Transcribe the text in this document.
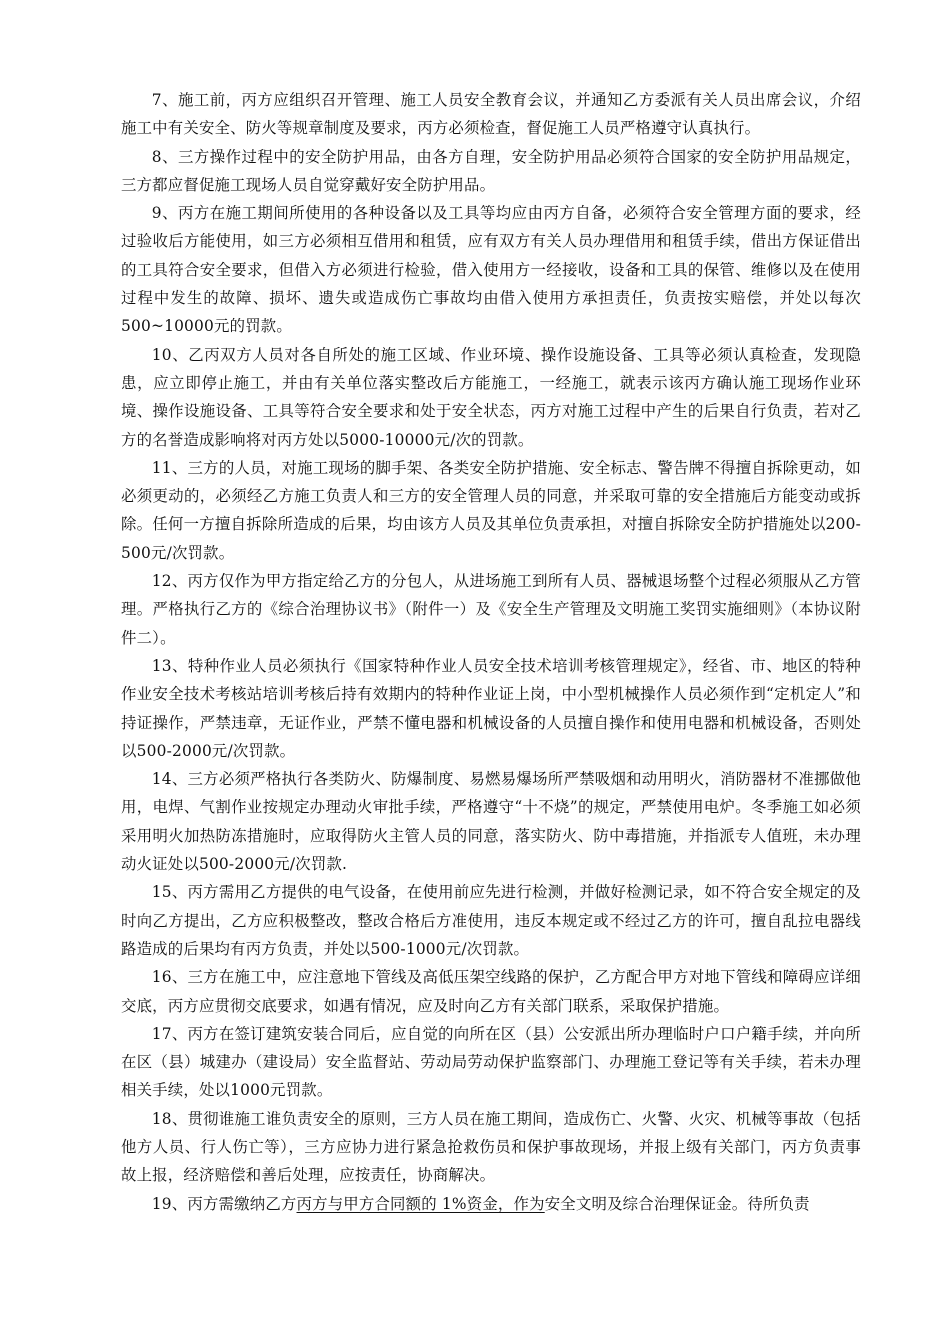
7、施工前，丙方应组织召开管理、施工人员安全教育会议，并通知乙方委派有关人员出席会议，介绍施工中有关安全、防火等规章制度及要求，丙方必须检查，督促施工人员严格遵守认真执行。

8、三方操作过程中的安全防护用品，由各方自理，安全防护用品必须符合国家的安全防护用品规定，三方都应督促施工现场人员自觉穿戴好安全防护用品。

9、丙方在施工期间所使用的各种设备以及工具等均应由丙方自备，必须符合安全管理方面的要求，经过验收后方能使用，如三方必须相互借用和租赁，应有双方有关人员办理借用和租赁手续，借出方保证借出的工具符合安全要求，但借入方必须进行检验，借入使用方一经接收，设备和工具的保管、维修以及在使用过程中发生的故障、损坏、遗失或造成伤亡事故均由借入使用方承担责任，负责按实赔偿，并处以每次500~10000元的罚款。

10、乙丙双方人员对各自所处的施工区域、作业环境、操作设施设备、工具等必须认真检查，发现隐患，应立即停止施工，并由有关单位落实整改后方能施工，一经施工，就表示该丙方确认施工现场作业环境、操作设施设备、工具等符合安全要求和处于安全状态，丙方对施工过程中产生的后果自行负责，若对乙方的名誉造成影响将对丙方处以5000-10000元/次的罚款。

11、三方的人员，对施工现场的脚手架、各类安全防护措施、安全标志、警告牌不得擅自拆除更动，如必须更动的，必须经乙方施工负责人和三方的安全管理人员的同意，并采取可靠的安全措施后方能变动或拆除。任何一方擅自拆除所造成的后果，均由该方人员及其单位负责承担，对擅自拆除安全防护措施处以200-500元/次罚款。

12、丙方仅作为甲方指定给乙方的分包人，从进场施工到所有人员、器械退场整个过程必须服从乙方管理。严格执行乙方的《综合治理协议书》（附件一）及《安全生产管理及文明施工奖罚实施细则》（本协议附件二）。

13、特种作业人员必须执行《国家特种作业人员安全技术培训考核管理规定》，经省、市、地区的特种作业安全技术考核站培训考核后持有效期内的特种作业证上岗，中小型机械操作人员必须作到“定机定人”和持证操作，严禁违章，无证作业，严禁不懂电器和机械设备的人员擅自操作和使用电器和机械设备，否则处以500-2000元/次罚款。

14、三方必须严格执行各类防火、防爆制度、易燃易爆场所严禁吸烟和动用明火，消防器材不准挪做他用，电焊、气割作业按规定办理动火审批手续，严格遵守“十不烧”的规定，严禁使用电炉。冬季施工如必须采用明火加热防冻措施时，应取得防火主管人员的同意，落实防火、防中毒措施，并指派专人值班，未办理动火证处以500-2000元/次罚款.

15、丙方需用乙方提供的电气设备，在使用前应先进行检测，并做好检测记录，如不符合安全规定的及时向乙方提出，乙方应积极整改，整改合格后方准使用，违反本规定或不经过乙方的许可，擅自乱拉电器线路造成的后果均有丙方负责，并处以500-1000元/次罚款。

16、三方在施工中，应注意地下管线及高低压架空线路的保护，乙方配合甲方对地下管线和障碍应详细交底，丙方应贯彻交底要求，如遇有情况，应及时向乙方有关部门联系，采取保护措施。

17、丙方在签订建筑安装合同后，应自觉的向所在区（县）公安派出所办理临时户口户籍手续，并向所在区（县）城建办（建设局）安全监督站、劳动局劳动保护监察部门、办理施工登记等有关手续，若未办理相关手续，处以1000元罚款。

18、贯彻谁施工谁负责安全的原则，三方人员在施工期间，造成伤亡、火警、火灾、机械等事故（包括他方人员、行人伤亡等），三方应协力进行紧急抢救伤员和保护事故现场，并报上级有关部门，丙方负责事故上报，经济赔偿和善后处理，应按责任，协商解决。

19、丙方需缴纳乙方丙方与甲方合同额的 1%资金，作为安全文明及综合治理保证金。待所负责
